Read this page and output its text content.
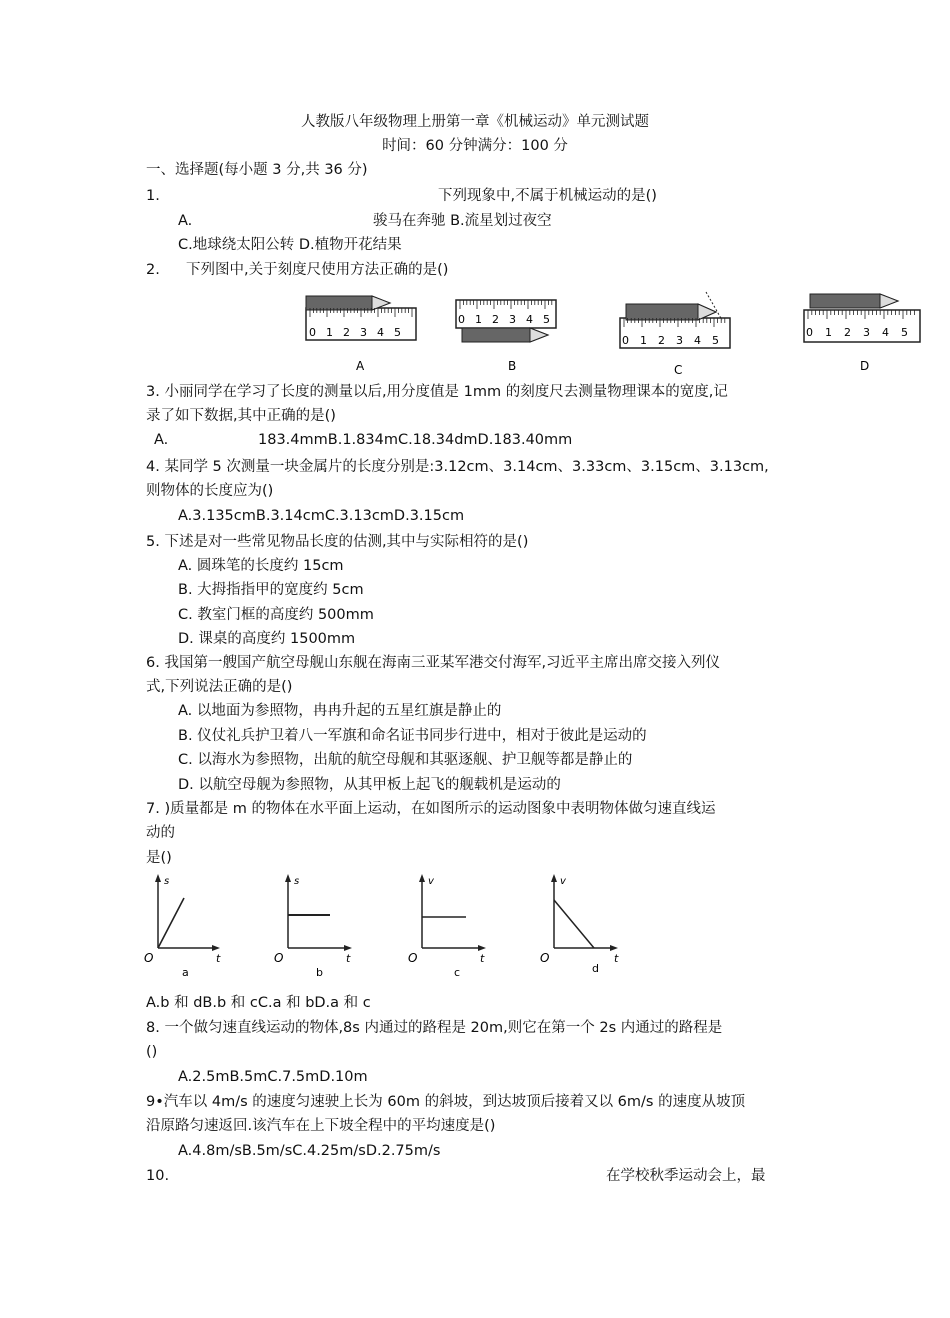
人教版八年级物理上册第一章《机械运动》单元测试题
时间：60 分钟满分：100 分
一、选择题(每小题 3 分,共 36 分)
1.	下列现象中,不属于机械运动的是()
A.	骏马在奔驰 B.流星划过夜空
C.地球绕太阳公转 D.植物开花结果
2. 下列图中,关于刻度尺使用方法正确的是()
0 1 2 3 4 5
A
0 1 2 3 4 5
B
0 1 2 3 4 5
C
0 1 2 3 4 5
D
3. 小丽同学在学习了长度的测量以后,用分度值是 1mm 的刻度尺去测量物理课本的宽度,记
录了如下数据,其中正确的是()
A.	183.4mmB.1.834mC.18.34dmD.183.40mm
4. 某同学 5 次测量一块金属片的长度分别是:3.12cm、3.14cm、3.33cm、3.15cm、3.13cm,
则物体的长度应为()
A.3.135cmB.3.14cmC.3.13cmD.3.15cm
5. 下述是对一些常见物品长度的估测,其中与实际相符的是()
A. 圆珠笔的长度约 15cm
B. 大拇指指甲的宽度约 5cm
C. 教室门框的高度约 500mm
D. 课桌的高度约 1500mm
6. 我国第一艘国产航空母舰山东舰在海南三亚某军港交付海军,习近平主席出席交接入列仪
式,下列说法正确的是()
A. 以地面为参照物，冉冉升起的五星红旗是静止的
B. 仪仗礼兵护卫着八一军旗和命名证书同步行进中，相对于彼此是运动的
C. 以海水为参照物，出航的航空母舰和其驱逐舰、护卫舰等都是静止的
D. 以航空母舰为参照物，从其甲板上起飞的舰载机是运动的
7. )质量都是 m 的物体在水平面上运动，在如图所示的运动图象中表明物体做匀速直线运
动的
是()
s
O	t
a
s
O	t
b
v
O	t
c
v
O	t
d
A.b 和 dB.b 和 cC.a 和 bD.a 和 c
8. 一个做匀速直线运动的物体,8s 内通过的路程是 20m,则它在第一个 2s 内通过的路程是
()
A.2.5mB.5mC.7.5mD.10m
9•汽车以 4m/s 的速度匀速驶上长为 60m 的斜坡，到达坡顶后接着又以 6m/s 的速度从坡顶
沿原路匀速返回.该汽车在上下坡全程中的平均速度是()
A.4.8m/sB.5m/sC.4.25m/sD.2.75m/s
10.	在学校秋季运动会上，最
